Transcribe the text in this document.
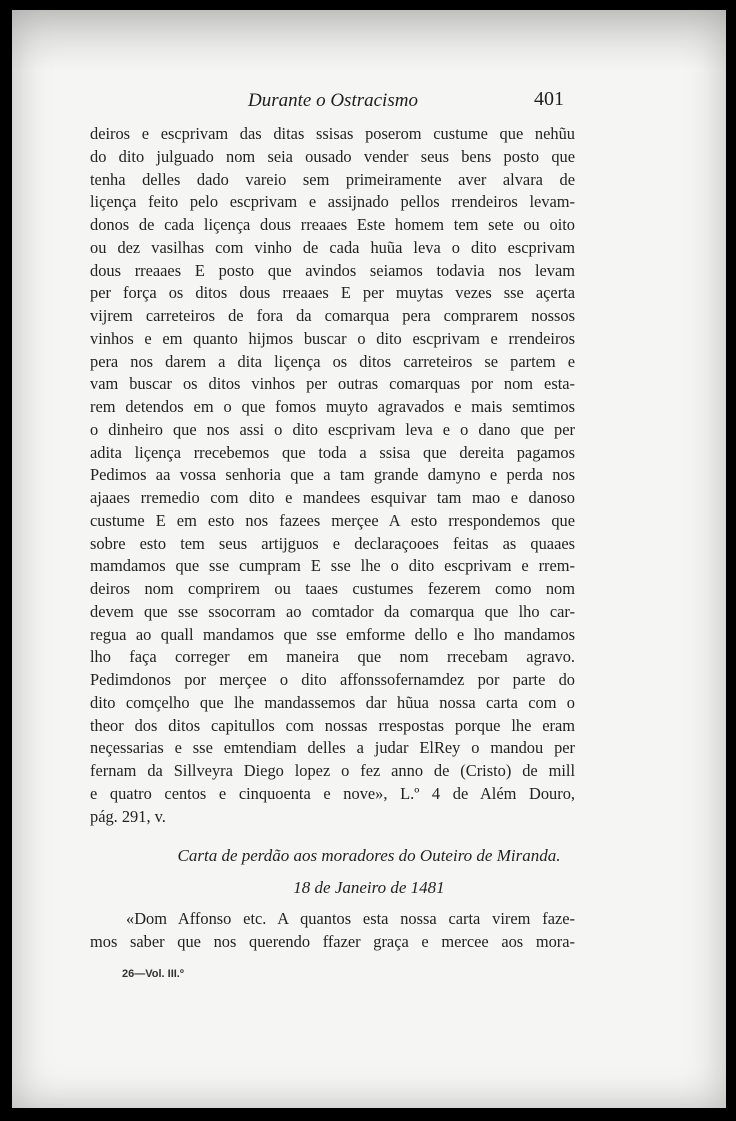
Durante o Ostracismo	401
deiros e escprivam das ditas ssisas poserom custume que nehũu
do dito julguado nom seia ousado vender seus bens posto que
tenha delles dado vareio sem primeiramente aver alvara de
liçença feito pelo escprivam e assijnado pellos rrendeiros levam-
donos de cada liçença dous rreaaes Este homem tem sete ou oito
ou dez vasilhas com vinho de cada huũa leva o dito escprivam
dous rreaaes E posto que avindos seiamos todavia nos levam
per força os ditos dous rreaaes E per muytas vezes sse açerta
vijrem carreteiros de fora da comarqua pera comprarem nossos
vinhos e em quanto hijmos buscar o dito escprivam e rrendeiros
pera nos darem a dita liçença os ditos carreteiros se partem e
vam buscar os ditos vinhos per outras comarquas por nom esta-
rem detendos em o que fomos muyto agravados e mais semtimos
o dinheiro que nos assi o dito escprivam leva e o dano que per
adita liçença rrecebemos que toda a ssisa que dereita pagamos
Pedimos aa vossa senhoria que a tam grande damyno e perda nos
ajaaes rremedio com dito e mandees esquivar tam mao e danoso
custume E em esto nos fazees merçee A esto rrespondemos que
sobre esto tem seus artijguos e declaraçooes feitas as quaaes
mamdamos que sse cumpram E sse lhe o dito escprivam e rrem-
deiros nom comprirem ou taaes custumes fezerem como nom
devem que sse ssocorram ao comtador da comarqua que lho car-
regua ao quall mandamos que sse emforme dello e lho mandamos
lho faça correger em maneira que nom rrecebam agravo.
Pedimdonos por merçee o dito affonssofernamdez por parte do
dito comçelho que lhe mandassemos dar hũua nossa carta com o
theor dos ditos capitullos com nossas rrespostas porque lhe eram
neçessarias e sse emtendiam delles a judar ElRey o mandou per
fernam da Sillveyra Diego lopez o fez anno de (Cristo) de mill
e quatro centos e cinquoenta e nove», L.º 4 de Além Douro,
pág. 291, v.
Carta de perdão aos moradores do Outeiro de Miranda.
18 de Janeiro de 1481
«Dom Affonso etc. A quantos esta nossa carta virem faze-
mos saber que nos querendo ffazer graça e mercee aos mora-
26—Vol. III.º
